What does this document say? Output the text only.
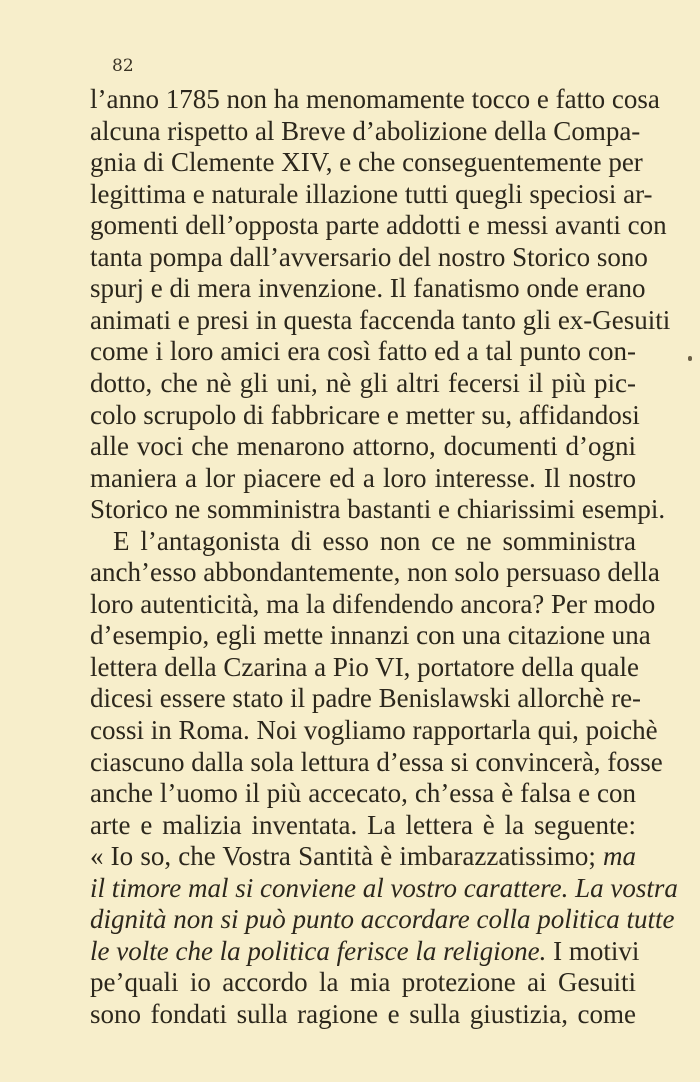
82
l’anno 1785 non ha menomamente tocco e fatto cosa
alcuna rispetto al Breve d’abolizione della Compa-
gnia di Clemente XIV, e che conseguentemente per
legittima e naturale illazione tutti quegli speciosi ar-
gomenti dell’opposta parte addotti e messi avanti con
tanta pompa dall’avversario del nostro Storico sono
spurj e di mera invenzione. Il fanatismo onde erano
animati e presi in questa faccenda tanto gli ex-Gesuiti
come i loro amici era così fatto ed a tal punto con-
dotto, che nè gli uni, nè gli altri fecersi il più pic-
colo scrupolo di fabbricare e metter su, affidandosi
alle voci che menarono attorno, documenti d’ogni
maniera a lor piacere ed a loro interesse. Il nostro
Storico ne somministra bastanti e chiarissimi esempi.
E l’antagonista di esso non ce ne somministra
anch’esso abbondantemente, non solo persuaso della
loro autenticità, ma la difendendo ancora? Per modo
d’esempio, egli mette innanzi con una citazione una
lettera della Czarina a Pio VI, portatore della quale
dicesi essere stato il padre Benislawski allorchè re-
cossi in Roma. Noi vogliamo rapportarla qui, poichè
ciascuno dalla sola lettura d’essa si convincerà, fosse
anche l’uomo il più accecato, ch’essa è falsa e con
arte e malizia inventata. La lettera è la seguente:
« Io so, che Vostra Santità è imbarazzatissimo; ma
il timore mal si conviene al vostro carattere. La vostra
dignità non si può punto accordare colla politica tutte
le volte che la politica ferisce la religione. I motivi
pe’quali io accordo la mia protezione ai Gesuiti
sono fondati sulla ragione e sulla giustizia, come
